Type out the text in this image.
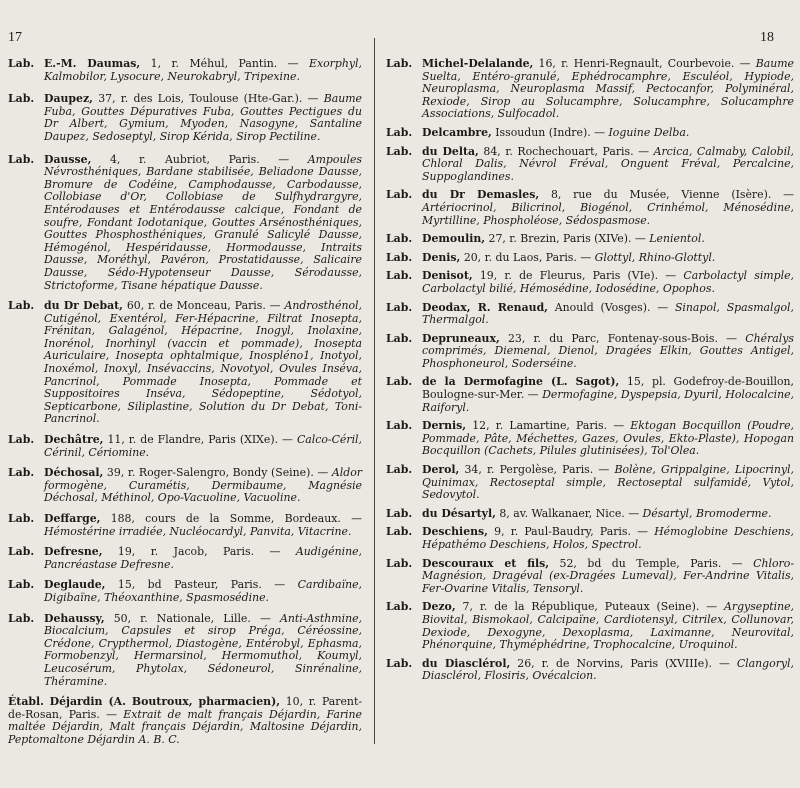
17	18

Lab. E.-M. Daumas, 1, r. Méhul, Pantin. — Exorphyl, Kalmobilor, Lysocure, Neurokabryl, Tripexine.

Lab. Daupez, 37, r. des Lois, Toulouse (Hte-Gar.). — Baume Fuba, Gouttes Dépuratives Fuba, Gouttes Pectigues du Dr Albert, Gymium, Myoden, Nasogyne, Santaline Daupez, Sedoseptyl, Sirop Kérida, Sirop Pectiline.

Lab. Dausse, 4, r. Aubriot, Paris. — Ampoules Névrosthéniques, Bardane stabilisée, Beliadone Dausse, Bromure de Codéine, Camphodausse, Carbodausse, Collobiase d'Or, Collobiase de Sulfhydrargyre, Entérodauses et Entérodausse calcique, Fondant de soufre, Fondant Iodotanique, Gouttes Arsénosthéniques, Gouttes Phosphosthéniques, Granulé Salicylé Dausse, Hémogénol, Hespéridausse, Hormodausse, Intraits Dausse, Moréthyl, Pavéron, Prostatidausse, Salicaire Dausse, Sédo-Hypotenseur Dausse, Sérodausse, Strictoforme, Tisane hépatique Dausse.

Lab. du Dr Debat, 60, r. de Monceau, Paris. — Androsthénol, Cutigénol, Exentérol, Fer-Hépacrine, Filtrat Inosepta, Frénitan, Galagénol, Hépacrine, Inogyl, Inolaxine, Inorénol, Inorhinyl (vaccin et pommade), Inosepta Auriculaire, Inosepta ophtalmique, Inospléno1, Inotyol, Inoxémol, Inoxyl, Insévaccins, Novotyol, Ovules Inséva, Pancrinol, Pommade Inosepta, Pommade et Suppositoires Inséva, Sédopeptine, Sédotyol, Septicarbone, Siliplastine, Solution du Dr Debat, Toni-Pancrinol.

Lab. Dechâtre, 11, r. de Flandre, Paris (XIXe). — Calco-Céril, Cérinil, Cériomine.

Lab. Déchosal, 39, r. Roger-Salengro, Bondy (Seine). — Aldor formogène, Curamétis, Dermibaume, Magnésie Déchosal, Méthinol, Opo-Vacuoline, Vacuoline.

Lab. Deffarge, 188, cours de la Somme, Bordeaux. — Hémostérine irradiée, Nucléocardyl, Panvita, Vitacrine.

Lab. Defresne, 19, r. Jacob, Paris. — Audigénine, Pancréastase Defresne.

Lab. Deglaude, 15, bd Pasteur, Paris. — Cardibaïne, Digibaïne, Théoxanthine, Spasmosédine.

Lab. Dehaussy, 50, r. Nationale, Lille. — Anti-Asthmine, Biocalcium, Capsules et sirop Préga, Céréossine, Crédone, Crypthermol, Diastogène, Entérobyl, Ephasma, Formobenzyl, Hermarsinol, Hermomuthol, Koumyl, Leucosérum, Phytolax, Sédoneurol, Sinrénaline, Théramine.

Établ. Déjardin (A. Boutroux, pharmacien), 10, r. Parent-de-Rosan, Paris. — Extrait de malt français Déjardin, Farine maltée Déjardin, Malt français Déjardin, Maltosine Déjardin, Peptomaltone Déjardin A. B. C.

Lab. Michel-Delalande, 16, r. Henri-Regnault, Courbevoie. — Baume Suelta, Entéro-granulé, Ephédrocamphre, Esculéol, Hypiode, Neuroplasma, Neuroplasma Massif, Pectocanfor, Polyminéral, Rexiode, Sirop au Solucamphre, Solucamphre, Solucamphre Associations, Sulfocadol.

Lab. Delcambre, Issoudun (Indre). — Ioguine Delba.

Lab. du Delta, 84, r. Rochechouart, Paris. — Arcica, Calmaby, Calobil, Chloral Dalis, Névrol Fréval, Onguent Fréval, Percalcine, Suppoglandines.

Lab. du Dr Demasles, 8, rue du Musée, Vienne (Isère). — Artériocrinol, Bilicrinol, Biogénol, Crinhémol, Ménosédine, Myrtilline, Phospholéose, Sédospasmose.

Lab. Demoulin, 27, r. Brezin, Paris (XIVe). — Lenientol.

Lab. Denis, 20, r. du Laos, Paris. — Glottyl, Rhino-Glottyl.

Lab. Denisot, 19, r. de Fleurus, Paris (VIe). — Carbolactyl simple, Carbolactyl bilié, Hémosédine, Iodosédine, Opophos.

Lab. Deodax, R. Renaud, Anould (Vosges). — Sinapol, Spasmalgol, Thermalgol.

Lab. Depruneaux, 23, r. du Parc, Fontenay-sous-Bois. — Chéralys comprimés, Diemenal, Dienol, Dragées Elkin, Gouttes Antigel, Phosphoneurol, Soderséine.

Lab. de la Dermofagine (L. Sagot), 15, pl. Godefroy-de-Bouillon, Boulogne-sur-Mer. — Dermofagine, Dyspepsia, Dyuril, Holocalcine, Raiforyl.

Lab. Dernis, 12, r. Lamartine, Paris. — Ektogan Bocquillon (Poudre, Pommade, Pâte, Méchettes, Gazes, Ovules, Ekto-Plaste), Hopogan Bocquillon (Cachets, Pilules glutinisées), Tol'Olea.

Lab. Derol, 34, r. Pergolèse, Paris. — Bolène, Grippalgine, Lipocrinyl, Quinimax, Rectoseptal simple, Rectoseptal sulfamidé, Vytol, Sedovytol.

Lab. du Désartyl, 8, av. Walkanaer, Nice. — Désartyl, Bromoderme.

Lab. Deschiens, 9, r. Paul-Baudry, Paris. — Hémoglobine Deschiens, Hépathémo Deschiens, Holos, Spectrol.

Lab. Descouraux et fils, 52, bd du Temple, Paris. — Chloro-Magnésion, Dragéval (ex-Dragées Lumeval), Fer-Andrine Vitalis, Fer-Ovarine Vitalis, Tensoryl.

Lab. Dezo, 7, r. de la République, Puteaux (Seine). — Argyseptine, Biovital, Bismokaol, Calcipaïne, Cardiotensyl, Citrilex, Collunovar, Dexiode, Dexogyne, Dexoplasma, Laximanne, Neurovital, Phénorquine, Thyméphédrine, Trophocalcine, Uroquinol.

Lab. du Diasclérol, 26, r. de Norvins, Paris (XVIIIe). — Clangoryl, Diasclérol, Flosiris, Ovécalcion.
